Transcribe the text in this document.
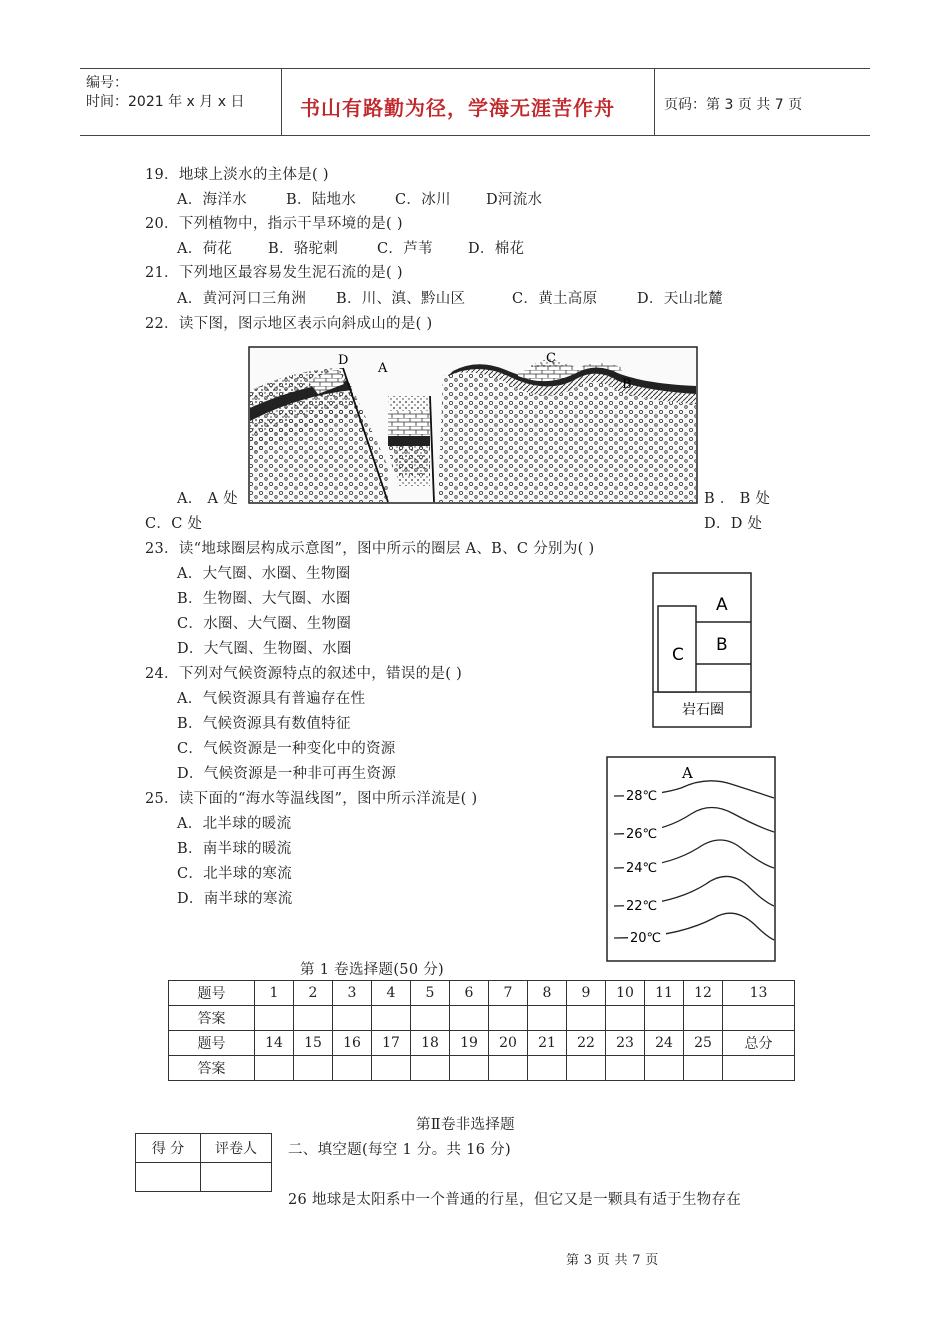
编号：
时间：2021 年 x 月 x 日	书山有路勤为径，学海无涯苦作舟	页码：第 3 页 共 7 页
19．地球上淡水的主体是( )
A．海洋水	B．陆地水	C．冰川 D河流水
20．下列植物中，指示干旱环境的是( )
A．荷花 B．骆驼刺	C．芦苇 D．棉花
21．下列地区最容易发生泥石流的是( )
A．黄河河口三角洲 B．川、滇、黔山区	C．黄土高原	D．天山北麓
22．读下图，图示地区表示向斜成山的是( )
D
A
C
B
A． A 处	B ． B 处
C．C 处	D．D 处
23．读“地球圈层构成示意图”，图中所示的圈层 A、B、C 分别为( )
A．大气圈、水圈、生物圈
B．生物圈、大气圈、水圈
C．水圈、大气圈、生物圈
D．大气圈、生物圈、水圈
A
B
C
岩石圈
24．下列对气候资源特点的叙述中，错误的是( )
A．气候资源具有普遍存在性
B．气候资源具有数值特征
C．气候资源是一种变化中的资源
D．气候资源是一种非可再生资源
25．读下面的“海水等温线图”，图中所示洋流是( )
A．北半球的暖流
B．南半球的暖流
C．北半球的寒流
D．南半球的寒流
A
28℃
26℃
24℃
22℃
20℃
第 1 卷选择题(50 分)
题号	1	2	3	4	5	6	7	8	9	10	11	12	13
答案													
题号	14	15	16	17	18	19	20	21	22	23	24	25	总分
答案													
第Ⅱ卷非选择题
得 分	评卷人
	二、填空题(每空 1 分。共 16 分)
26 地球是太阳系中一个普通的行星，但它又是一颗具有适于生物存在
第 3 页 共 7 页
